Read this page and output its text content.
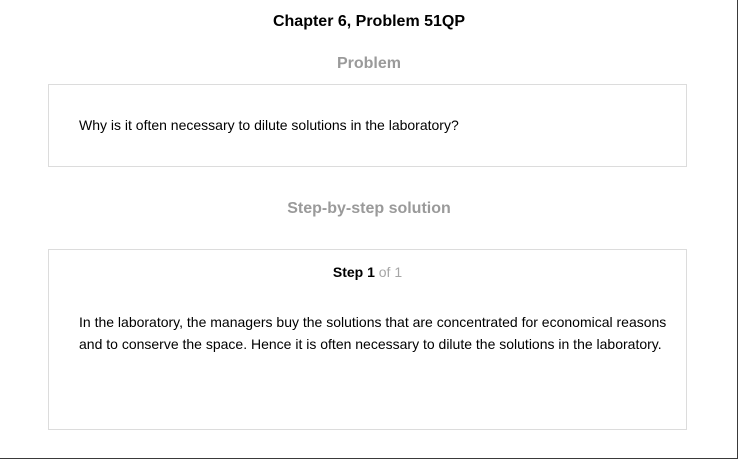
Chapter 6, Problem 51QP
Problem
Why is it often necessary to dilute solutions in the laboratory?
Step-by-step solution
Step 1 of 1
In the laboratory, the managers buy the solutions that are concentrated for economical reasons and to conserve the space. Hence it is often necessary to dilute the solutions in the laboratory.
